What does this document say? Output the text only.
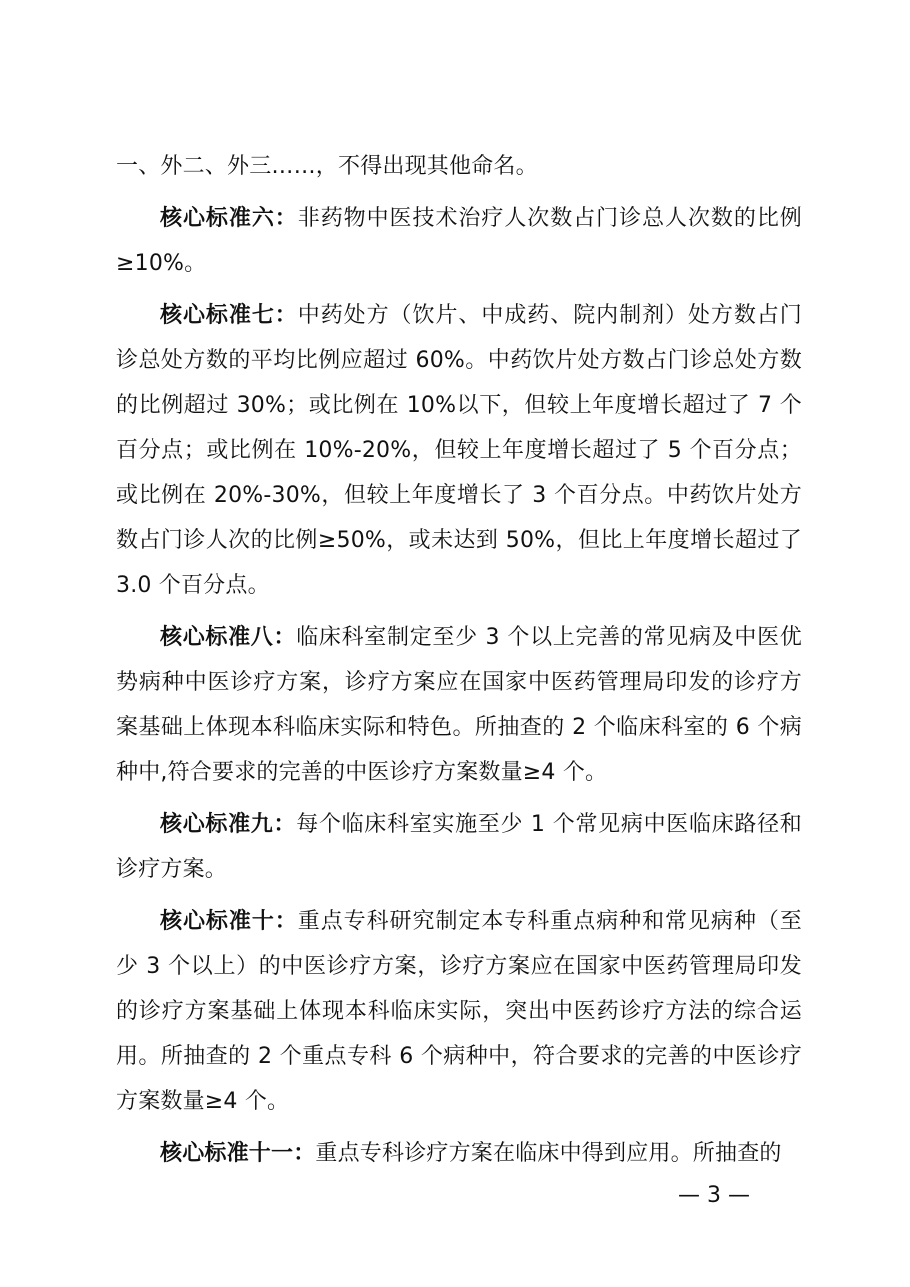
一、外二、外三……，不得出现其他命名。

核心标准六：非药物中医技术治疗人次数占门诊总人次数的比例≥10%。

核心标准七：中药处方（饮片、中成药、院内制剂）处方数占门诊总处方数的平均比例应超过 60%。中药饮片处方数占门诊总处方数的比例超过 30%；或比例在 10%以下，但较上年度增长超过了 7 个百分点；或比例在 10%-20%，但较上年度增长超过了 5 个百分点；或比例在 20%-30%，但较上年度增长了 3 个百分点。中药饮片处方数占门诊人次的比例≥50%，或未达到 50%，但比上年度增长超过了 3.0 个百分点。

核心标准八：临床科室制定至少 3 个以上完善的常见病及中医优势病种中医诊疗方案，诊疗方案应在国家中医药管理局印发的诊疗方案基础上体现本科临床实际和特色。所抽查的 2 个临床科室的 6 个病种中,符合要求的完善的中医诊疗方案数量≥4 个。

核心标准九：每个临床科室实施至少 1 个常见病中医临床路径和诊疗方案。

核心标准十：重点专科研究制定本专科重点病种和常见病种（至少 3 个以上）的中医诊疗方案，诊疗方案应在国家中医药管理局印发的诊疗方案基础上体现本科临床实际，突出中医药诊疗方法的综合运用。所抽查的 2 个重点专科 6 个病种中，符合要求的完善的中医诊疗方案数量≥4 个。

核心标准十一：重点专科诊疗方案在临床中得到应用。所抽查的

— 3 —
